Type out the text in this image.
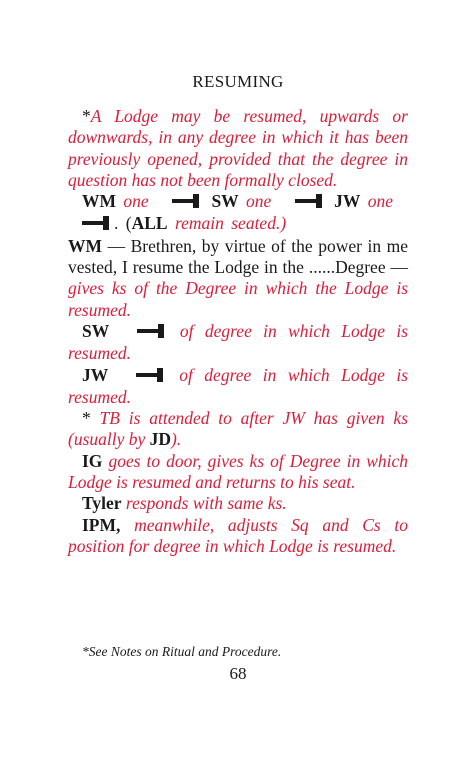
RESUMING

*A Lodge may be resumed, upwards or downwards, in any degree in which it has been previously opened, provided that the degree in question has not been formally closed.

WM one	SW one	JW one
. (ALL remain seated.)

WM — Brethren, by virtue of the power in me vested, I resume the Lodge in the ......Degree — gives ks of the Degree in which the Lodge is resumed.

SW	of degree in which Lodge is resumed.

JW	of degree in which Lodge is resumed.

* TB is attended to after JW has given ks (usually by JD).

IG goes to door, gives ks of Degree in which Lodge is resumed and returns to his seat.

Tyler responds with same ks.

IPM, meanwhile, adjusts Sq and Cs to position for degree in which Lodge is resumed.

*See Notes on Ritual and Procedure.
68
